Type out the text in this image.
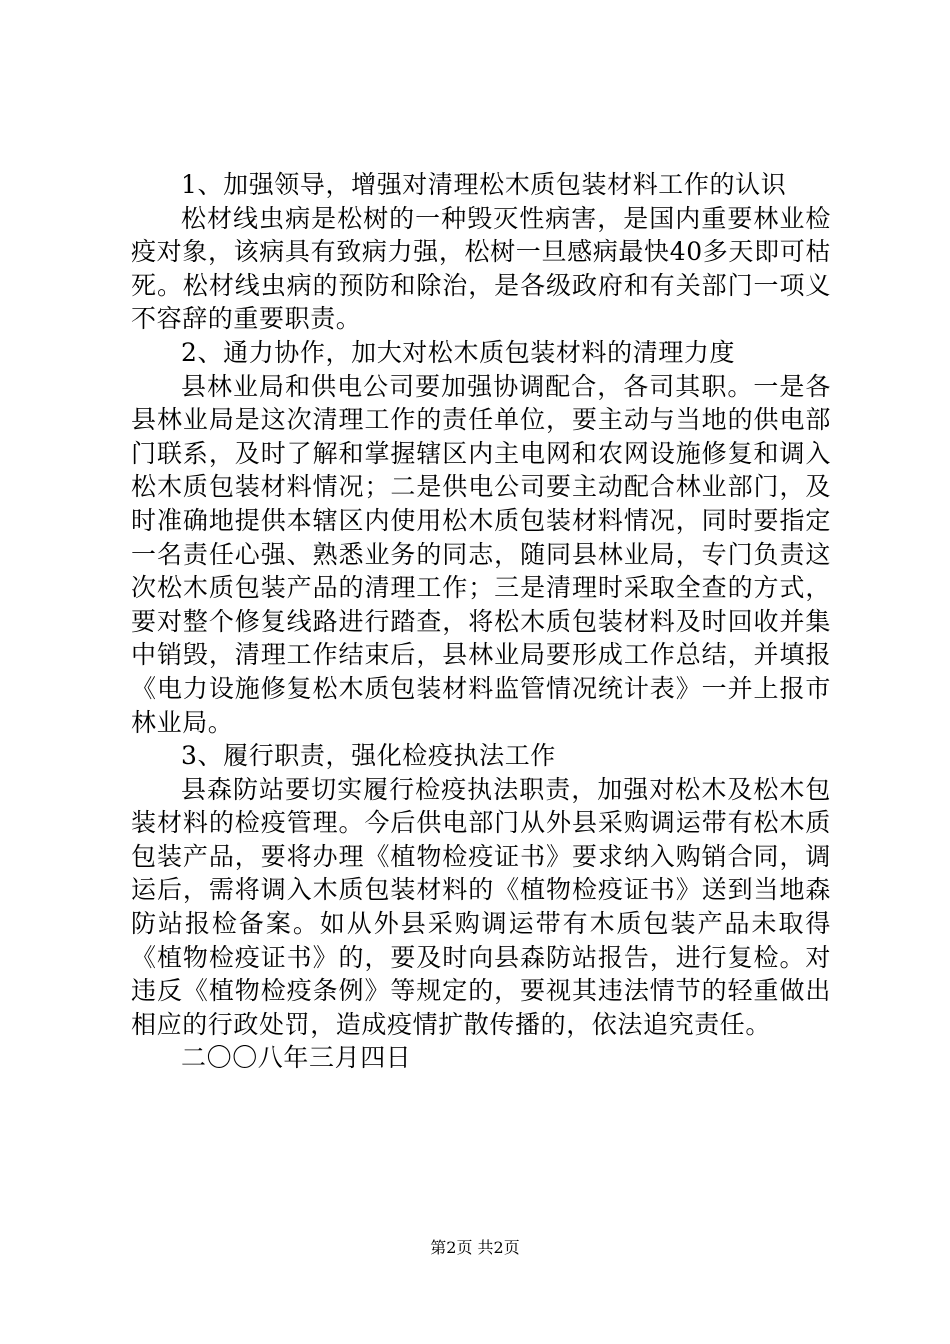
1、加强领导，增强对清理松木质包装材料工作的认识

松材线虫病是松树的一种毁灭性病害，是国内重要林业检疫对象，该病具有致病力强，松树一旦感病最快40多天即可枯死。松材线虫病的预防和除治，是各级政府和有关部门一项义不容辞的重要职责。

2、通力协作，加大对松木质包装材料的清理力度

县林业局和供电公司要加强协调配合，各司其职。一是各县林业局是这次清理工作的责任单位，要主动与当地的供电部门联系，及时了解和掌握辖区内主电网和农网设施修复和调入松木质包装材料情况；二是供电公司要主动配合林业部门，及时准确地提供本辖区内使用松木质包装材料情况，同时要指定一名责任心强、熟悉业务的同志，随同县林业局，专门负责这次松木质包装产品的清理工作；三是清理时采取全查的方式，要对整个修复线路进行踏查，将松木质包装材料及时回收并集中销毁，清理工作结束后，县林业局要形成工作总结，并填报《电力设施修复松木质包装材料监管情况统计表》一并上报市林业局。

3、履行职责，强化检疫执法工作

县森防站要切实履行检疫执法职责，加强对松木及松木包装材料的检疫管理。今后供电部门从外县采购调运带有松木质包装产品，要将办理《植物检疫证书》要求纳入购销合同，调运后，需将调入木质包装材料的《植物检疫证书》送到当地森防站报检备案。如从外县采购调运带有木质包装产品未取得《植物检疫证书》的，要及时向县森防站报告，进行复检。对违反《植物检疫条例》等规定的，要视其违法情节的轻重做出相应的行政处罚，造成疫情扩散传播的，依法追究责任。

二〇〇八年三月四日

第2页 共2页
